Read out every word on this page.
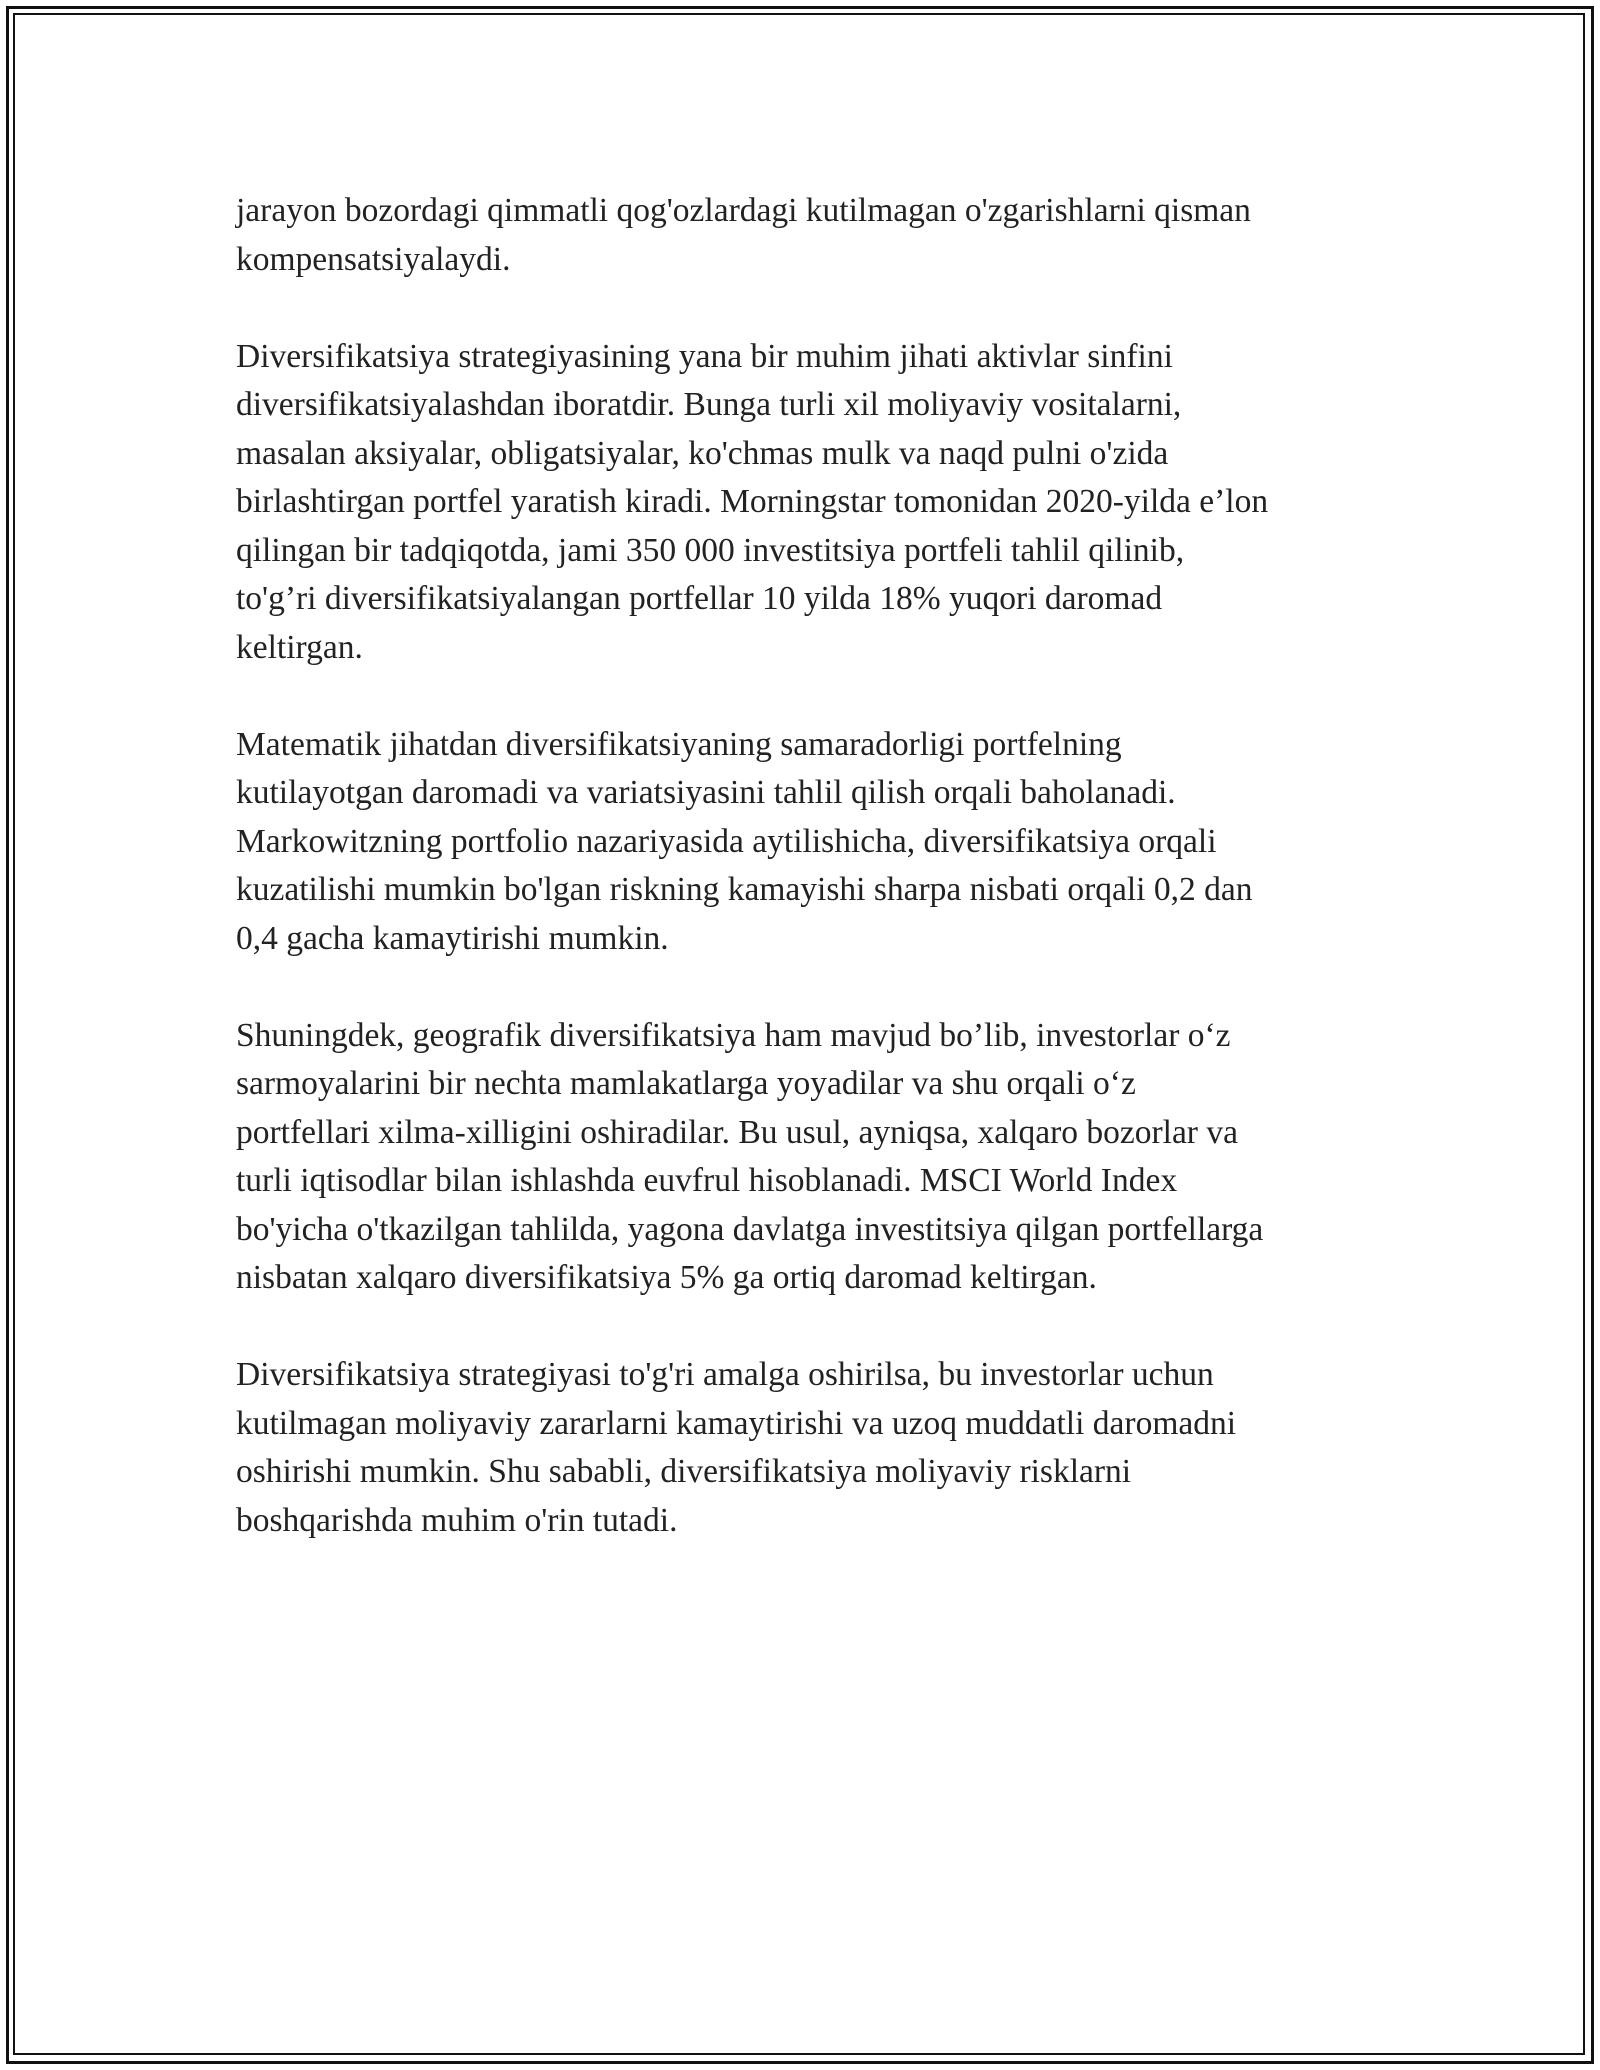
jarayon bozordagi qimmatli qog'ozlardagi kutilmagan o'zgarishlarni qisman
kompensatsiyalaydi.

Diversifikatsiya strategiyasining yana bir muhim jihati aktivlar sinfini
diversifikatsiyalashdan iboratdir. Bunga turli xil moliyaviy vositalarni,
masalan aksiyalar, obligatsiyalar, ko'chmas mulk va naqd pulni o'zida
birlashtirgan portfel yaratish kiradi. Morningstar tomonidan 2020-yilda e’lon
qilingan bir tadqiqotda, jami 350 000 investitsiya portfeli tahlil qilinib,
to'g’ri diversifikatsiyalangan portfellar 10 yilda 18% yuqori daromad
keltirgan.

Matematik jihatdan diversifikatsiyaning samaradorligi portfelning
kutilayotgan daromadi va variatsiyasini tahlil qilish orqali baholanadi.
Markowitzning portfolio nazariyasida aytilishicha, diversifikatsiya orqali
kuzatilishi mumkin bo'lgan riskning kamayishi sharpa nisbati orqali 0,2 dan
0,4 gacha kamaytirishi mumkin.

Shuningdek, geografik diversifikatsiya ham mavjud bo’lib, investorlar o‘z
sarmoyalarini bir nechta mamlakatlarga yoyadilar va shu orqali o‘z
portfellari xilma-xilligini oshiradilar. Bu usul, ayniqsa, xalqaro bozorlar va
turli iqtisodlar bilan ishlashda euvfrul hisoblanadi. MSCI World Index
bo'yicha o'tkazilgan tahlilda, yagona davlatga investitsiya qilgan portfellarga
nisbatan xalqaro diversifikatsiya 5% ga ortiq daromad keltirgan.

Diversifikatsiya strategiyasi to'g'ri amalga oshirilsa, bu investorlar uchun
kutilmagan moliyaviy zararlarni kamaytirishi va uzoq muddatli daromadni
oshirishi mumkin. Shu sababli, diversifikatsiya moliyaviy risklarni
boshqarishda muhim o'rin tutadi.
